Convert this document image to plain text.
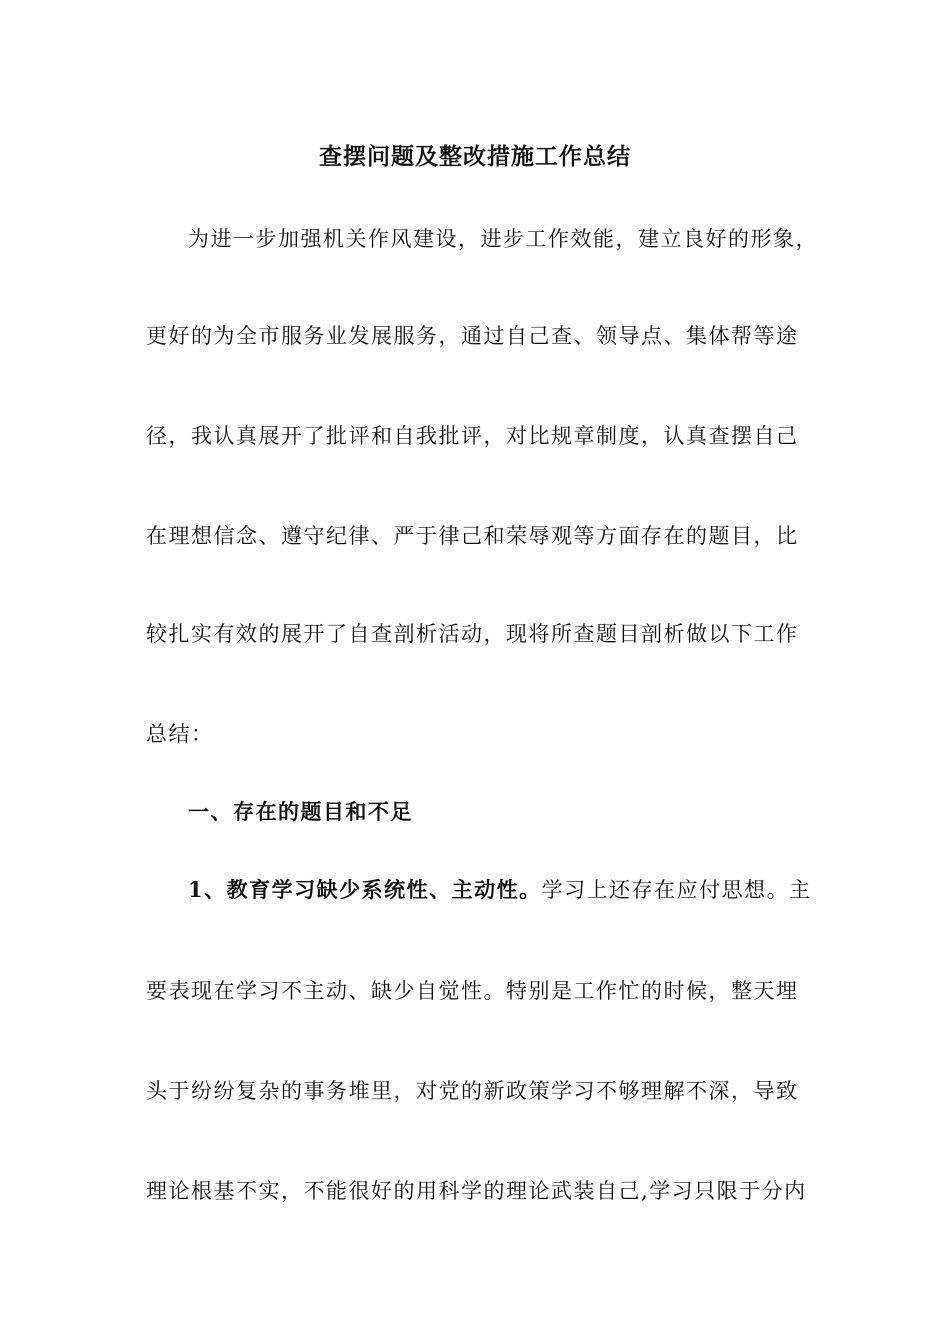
查摆问题及整改措施工作总结
为进一步加强机关作风建设，进步工作效能，建立良好的形象，
更好的为全市服务业发展服务，通过自己查、领导点、集体帮等途
径，我认真展开了批评和自我批评，对比规章制度，认真查摆自己
在理想信念、遵守纪律、严于律己和荣辱观等方面存在的题目，比
较扎实有效的展开了自查剖析活动，现将所查题目剖析做以下工作
总结：
一、存在的题目和不足
1、教育学习缺少系统性、主动性。学习上还存在应付思想。主
要表现在学习不主动、缺少自觉性。特别是工作忙的时候，整天埋
头于纷纷复杂的事务堆里，对党的新政策学习不够理解不深，导致
理论根基不实，不能很好的用科学的理论武装自己,学习只限于分内
